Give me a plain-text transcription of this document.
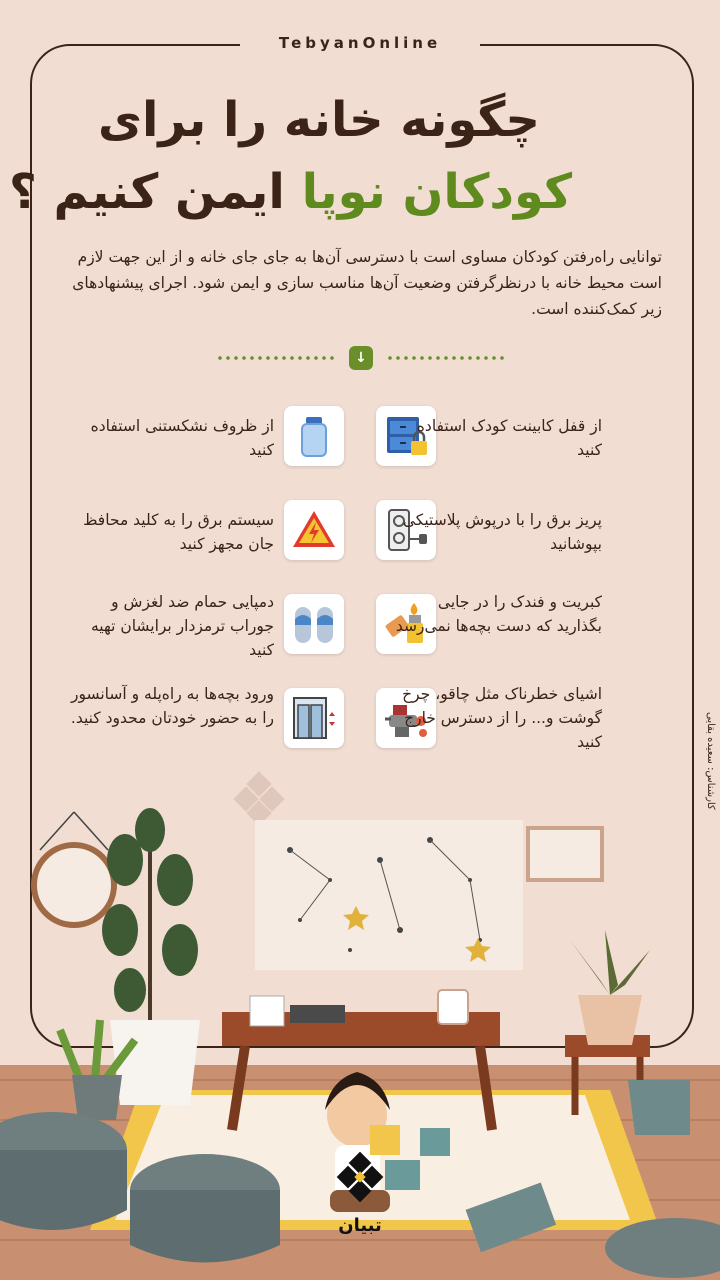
TebyanOnline
چگونه خانه را برای
کودکان نوپا ایمن کنیم ؟
توانایی راه‌رفتن کودکان مساوی است با دسترسی آن‌ها به جای جای خانه و از این جهت لازم است محیط خانه با درنظرگرفتن وضعیت آن‌ها مناسب سازی و ایمن شود. اجرای پیشنهادهای زیر کمک‌کننده است.
↓
از قفل کابینت کودک استفاده کنید
از ظروف نشکستنی استفاده کنید
پریز برق را با درپوش پلاستیکی بپوشانید
سیستم برق را به کلید محافظ جان مجهز کنید
کبریت و فندک را در جایی بگذارید که دست بچه‌ها نمی‌رسد
دمپایی حمام ضد لغزش و جوراب ترمزدار برایشان تهیه کنید
اشیای خطرناک مثل چاقو، چرخ گوشت و... را از دسترس خارج کنید
ورود بچه‌ها به راه‌پله و آسانسور را به حضور خودتان محدود کنید.	کارشناس: سعیده بقایی
تبیان
